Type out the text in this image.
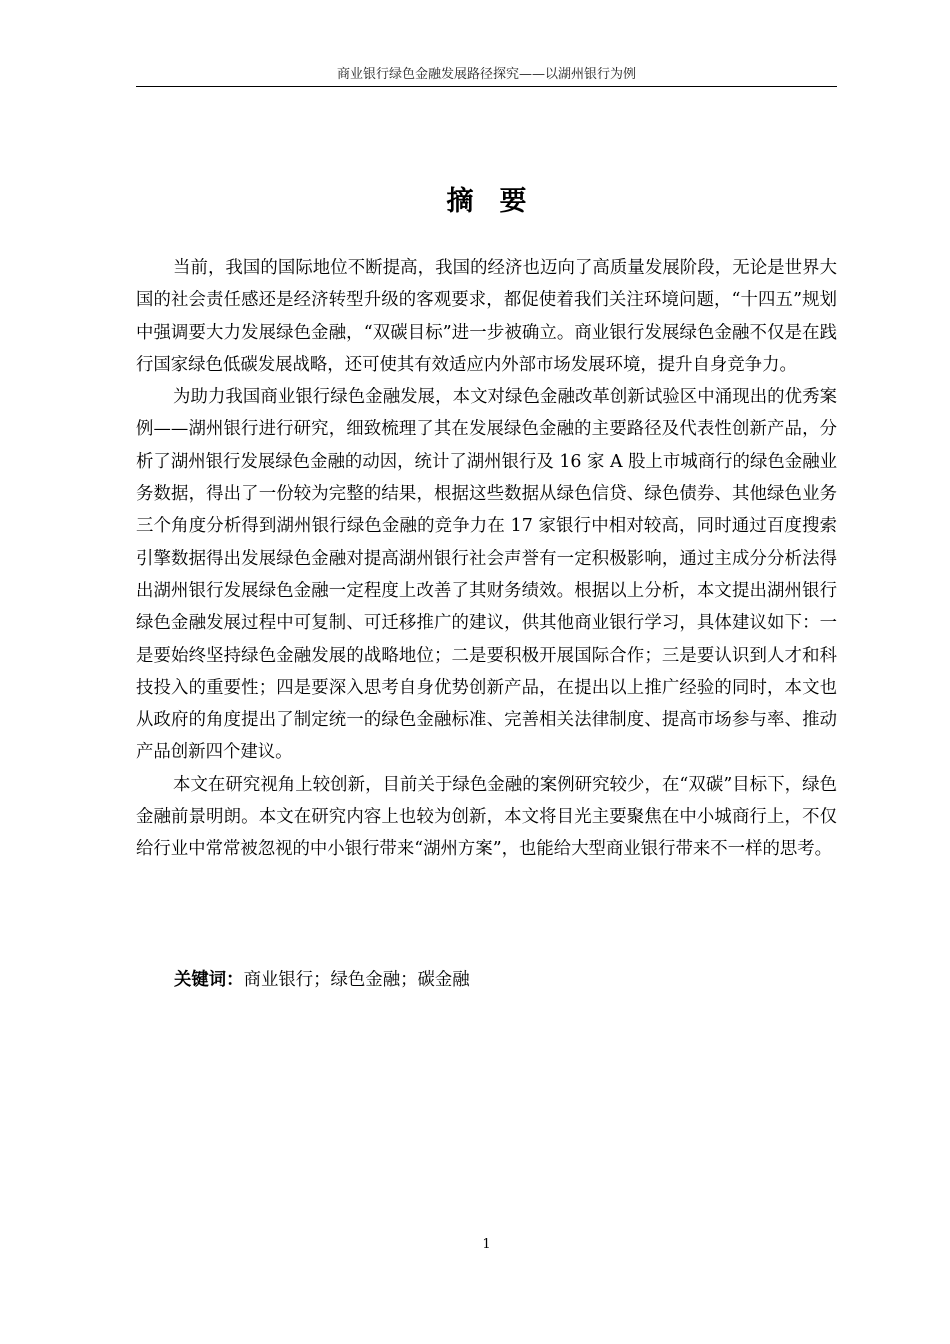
商业银行绿色金融发展路径探究——以湖州银行为例
摘 要

当前，我国的国际地位不断提高，我国的经济也迈向了高质量发展阶段，无论是世界大国的社会责任感还是经济转型升级的客观要求，都促使着我们关注环境问题，“十四五”规划中强调要大力发展绿色金融，“双碳目标”进一步被确立。商业银行发展绿色金融不仅是在践行国家绿色低碳发展战略，还可使其有效适应内外部市场发展环境，提升自身竞争力。

为助力我国商业银行绿色金融发展，本文对绿色金融改革创新试验区中涌现出的优秀案例——湖州银行进行研究，细致梳理了其在发展绿色金融的主要路径及代表性创新产品，分析了湖州银行发展绿色金融的动因，统计了湖州银行及 16 家 A 股上市城商行的绿色金融业务数据，得出了一份较为完整的结果，根据这些数据从绿色信贷、绿色债券、其他绿色业务三个角度分析得到湖州银行绿色金融的竞争力在 17 家银行中相对较高，同时通过百度搜索引擎数据得出发展绿色金融对提高湖州银行社会声誉有一定积极影响，通过主成分分析法得出湖州银行发展绿色金融一定程度上改善了其财务绩效。根据以上分析，本文提出湖州银行绿色金融发展过程中可复制、可迁移推广的建议，供其他商业银行学习，具体建议如下：一是要始终坚持绿色金融发展的战略地位；二是要积极开展国际合作；三是要认识到人才和科技投入的重要性；四是要深入思考自身优势创新产品，在提出以上推广经验的同时，本文也从政府的角度提出了制定统一的绿色金融标准、完善相关法律制度、提高市场参与率、推动产品创新四个建议。

本文在研究视角上较创新，目前关于绿色金融的案例研究较少，在“双碳”目标下，绿色金融前景明朗。本文在研究内容上也较为创新，本文将目光主要聚焦在中小城商行上，不仅给行业中常常被忽视的中小银行带来“湖州方案”，也能给大型商业银行带来不一样的思考。

关键词：商业银行；绿色金融；碳金融
1
